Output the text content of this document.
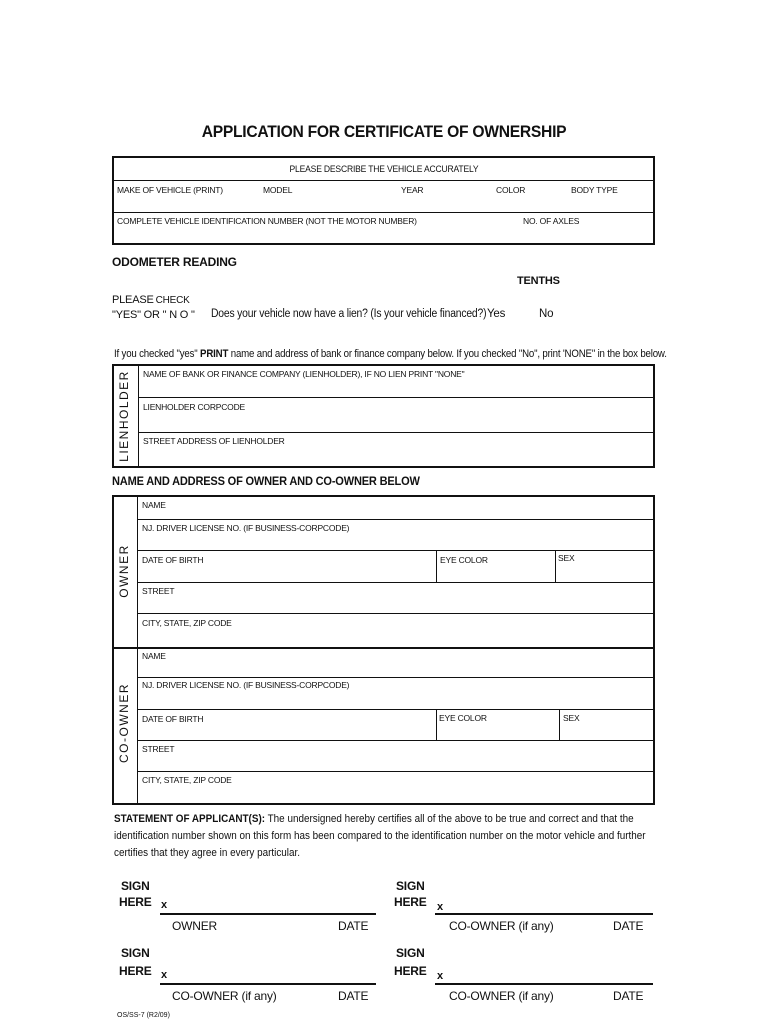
APPLICATION FOR CERTIFICATE OF OWNERSHIP
PLEASE DESCRIBE THE VEHICLE ACCURATELY
MAKE OF VEHICLE (PRINT)	MODEL	YEAR	COLOR	BODY TYPE
COMPLETE VEHICLE IDENTIFICATION NUMBER (NOT THE MOTOR NUMBER)	NO. OF AXLES
ODOMETER READING
TENTHS
PLEASE CHECK
"YES" OR " N O " Does your vehicle now have a lien? (Is your vehicle financed?) Yes	No
If you checked "yes" PRINT name and address of bank or finance company below. If you checked "No", print 'NONE" in the box below.
LIENHOLDER NAME OF BANK OR FINANCE COMPANY (LIENHOLDER), IF NO LIEN PRINT "NONE"
LIENHOLDER CORPCODE
STREET ADDRESS OF LIENHOLDER
NAME AND ADDRESS OF OWNER AND CO-OWNER BELOW
OWNER
NAME
NJ. DRIVER LICENSE NO. (IF BUSINESS-CORPCODE)
DATE OF BIRTH	EYE COLOR	SEX
STREET
CITY, STATE, ZIP CODE
CO-OWNER
NAME
NJ. DRIVER LICENSE NO. (IF BUSINESS-CORPCODE)
DATE OF BIRTH	EYE COLOR	SEX
STREET
CITY, STATE, ZIP CODE
STATEMENT OF APPLICANT(S): The undersigned hereby certifies all of the above to be true and correct and that the identification number shown on this form has been compared to the identification number on the motor vehicle and further certifies that they agree in every particular.
SIGN
HERE x
OWNER	DATE
SIGN
HERE x
CO-OWNER (if any)	DATE
SIGN
HERE x
CO-OWNER (if any)	DATE
SIGN
HERE x
CO-OWNER (if any)	DATE
OS/SS-7 (R2/09)
